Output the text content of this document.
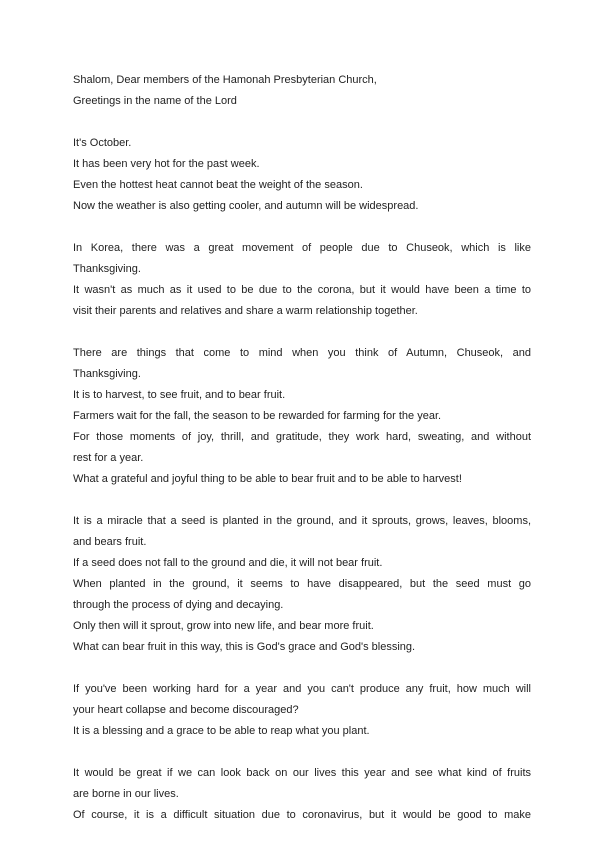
Shalom, Dear members of the Hamonah Presbyterian Church,
Greetings in the name of the Lord
It's October.
It has been very hot for the past week.
Even the hottest heat cannot beat the weight of the season.
Now the weather is also getting cooler, and autumn will be widespread.
In Korea, there was a great movement of people due to Chuseok, which is like
Thanksgiving.
It wasn't as much as it used to be due to the corona, but it would have been a time to
visit their parents and relatives and share a warm relationship together.
There are things that come to mind when you think of Autumn, Chuseok, and
Thanksgiving.
It is to harvest, to see fruit, and to bear fruit.
Farmers wait for the fall, the season to be rewarded for farming for the year.
For those moments of joy, thrill, and gratitude, they work hard, sweating, and without
rest for a year.
What a grateful and joyful thing to be able to bear fruit and to be able to harvest!
It is a miracle that a seed is planted in the ground, and it sprouts, grows, leaves, blooms,
and bears fruit.
If a seed does not fall to the ground and die, it will not bear fruit.
When planted in the ground, it seems to have disappeared, but the seed must go
through the process of dying and decaying.
Only then will it sprout, grow into new life, and bear more fruit.
What can bear fruit in this way, this is God's grace and God's blessing.
If you've been working hard for a year and you can't produce any fruit, how much will
your heart collapse and become discouraged?
It is a blessing and a grace to be able to reap what you plant.
It would be great if we can look back on our lives this year and see what kind of fruits
are borne in our lives.
Of course, it is a difficult situation due to coronavirus, but it would be good to make
